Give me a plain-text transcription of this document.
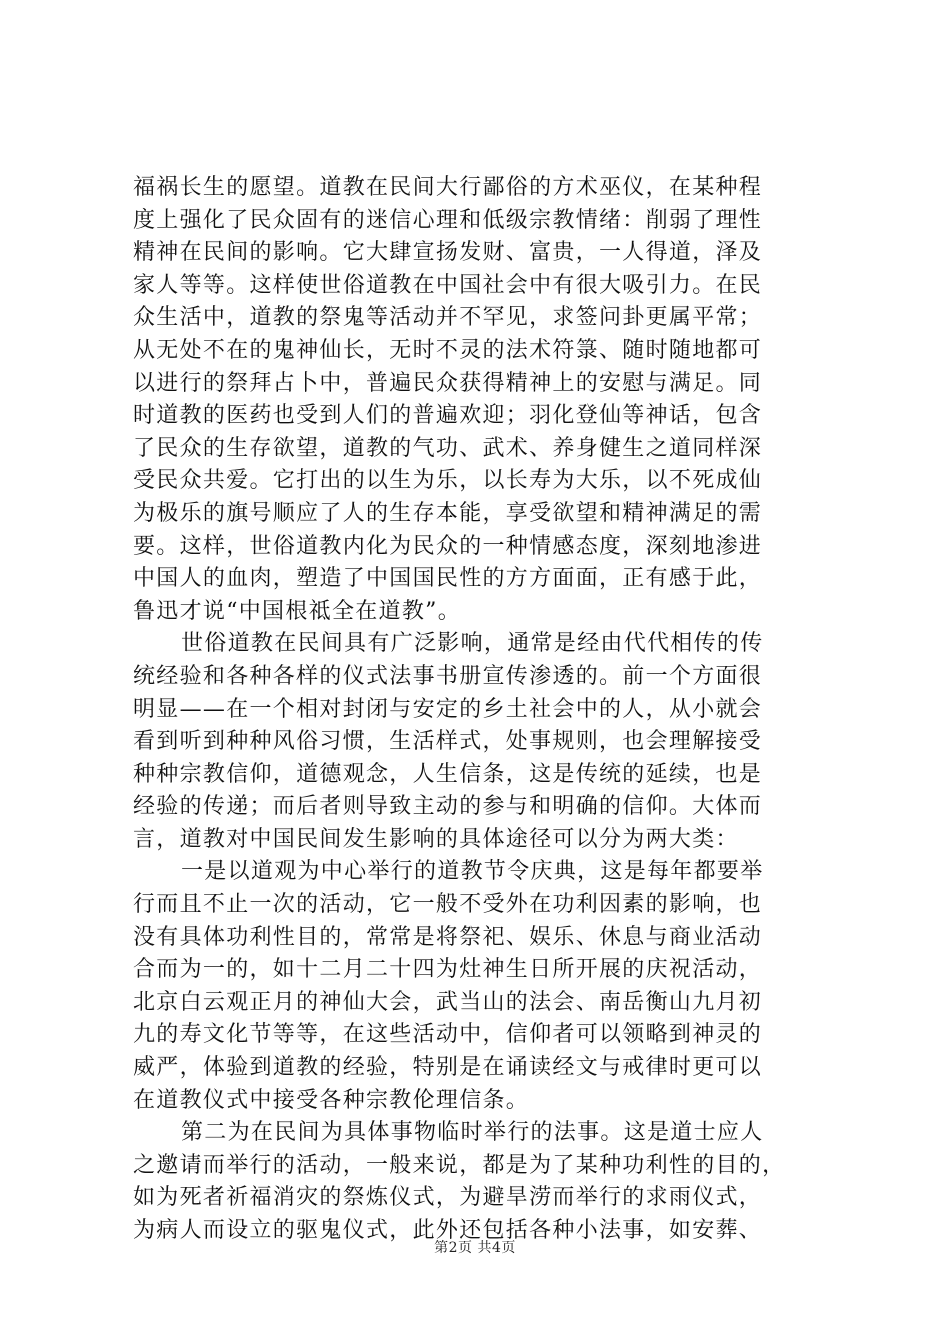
福祸长生的愿望。道教在民间大行鄙俗的方术巫仪，在某种程
度上强化了民众固有的迷信心理和低级宗教情绪：削弱了理性
精神在民间的影响。它大肆宣扬发财、富贵，一人得道，泽及
家人等等。这样使世俗道教在中国社会中有很大吸引力。在民
众生活中，道教的祭鬼等活动并不罕见，求签问卦更属平常；
从无处不在的鬼神仙长，无时不灵的法术符箓、随时随地都可
以进行的祭拜占卜中，普遍民众获得精神上的安慰与满足。同
时道教的医药也受到人们的普遍欢迎；羽化登仙等神话，包含
了民众的生存欲望，道教的气功、武术、养身健生之道同样深
受民众共爱。它打出的以生为乐，以长寿为大乐，以不死成仙
为极乐的旗号顺应了人的生存本能，享受欲望和精神满足的需
要。这样，世俗道教内化为民众的一种情感态度，深刻地渗进
中国人的血肉，塑造了中国国民性的方方面面，正有感于此，
鲁迅才说“中国根祗全在道教”。
世俗道教在民间具有广泛影响，通常是经由代代相传的传
统经验和各种各样的仪式法事书册宣传渗透的。前一个方面很
明显——在一个相对封闭与安定的乡土社会中的人，从小就会
看到听到种种风俗习惯，生活样式，处事规则，也会理解接受
种种宗教信仰，道德观念，人生信条，这是传统的延续，也是
经验的传递；而后者则导致主动的参与和明确的信仰。大体而
言，道教对中国民间发生影响的具体途径可以分为两大类：
一是以道观为中心举行的道教节令庆典，这是每年都要举
行而且不止一次的活动，它一般不受外在功利因素的影响，也
没有具体功利性目的，常常是将祭祀、娱乐、休息与商业活动
合而为一的，如十二月二十四为灶神生日所开展的庆祝活动，
北京白云观正月的神仙大会，武当山的法会、南岳衡山九月初
九的寿文化节等等，在这些活动中，信仰者可以领略到神灵的
威严，体验到道教的经验，特别是在诵读经文与戒律时更可以
在道教仪式中接受各种宗教伦理信条。
第二为在民间为具体事物临时举行的法事。这是道士应人
之邀请而举行的活动，一般来说，都是为了某种功利性的目的，
如为死者祈福消灾的祭炼仪式，为避旱涝而举行的求雨仪式，
为病人而设立的驱鬼仪式，此外还包括各种小法事，如安葬、
第2页 共4页
